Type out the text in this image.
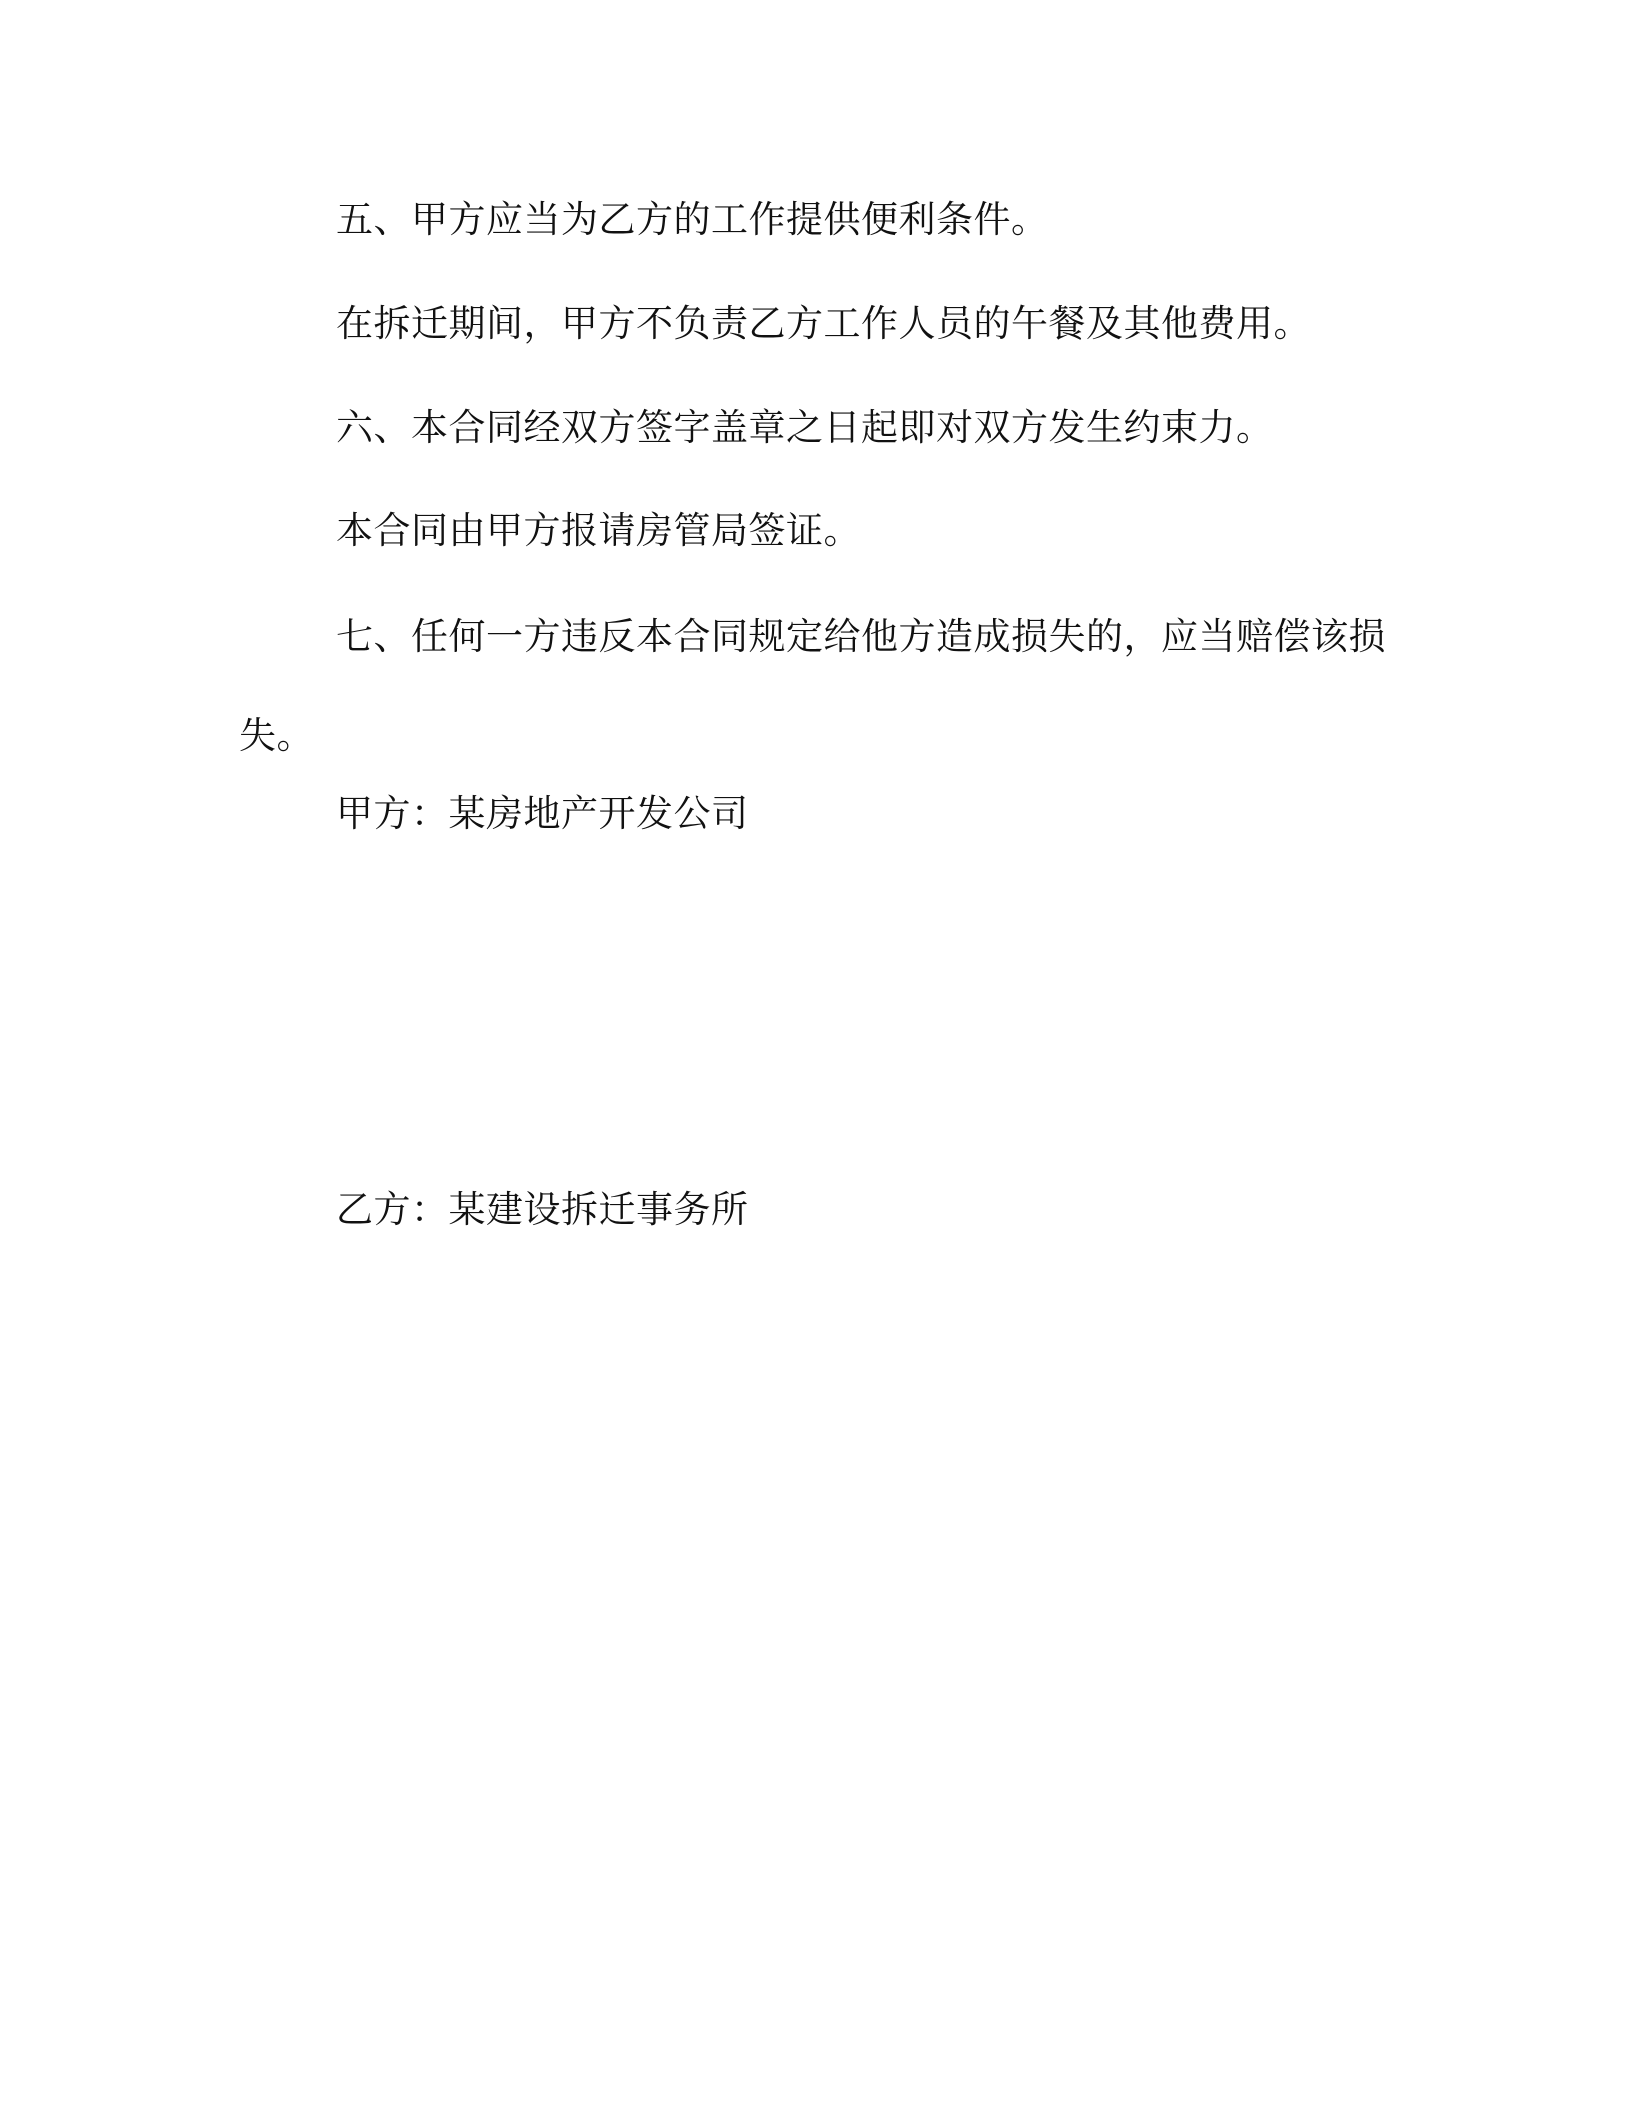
五、甲方应当为乙方的工作提供便利条件。

在拆迁期间，甲方不负责乙方工作人员的午餐及其他费用。

六、本合同经双方签字盖章之日起即对双方发生约束力。

本合同由甲方报请房管局签证。

七、任何一方违反本合同规定给他方造成损失的，应当赔偿该损失。

甲方：某房地产开发公司

乙方：某建设拆迁事务所
